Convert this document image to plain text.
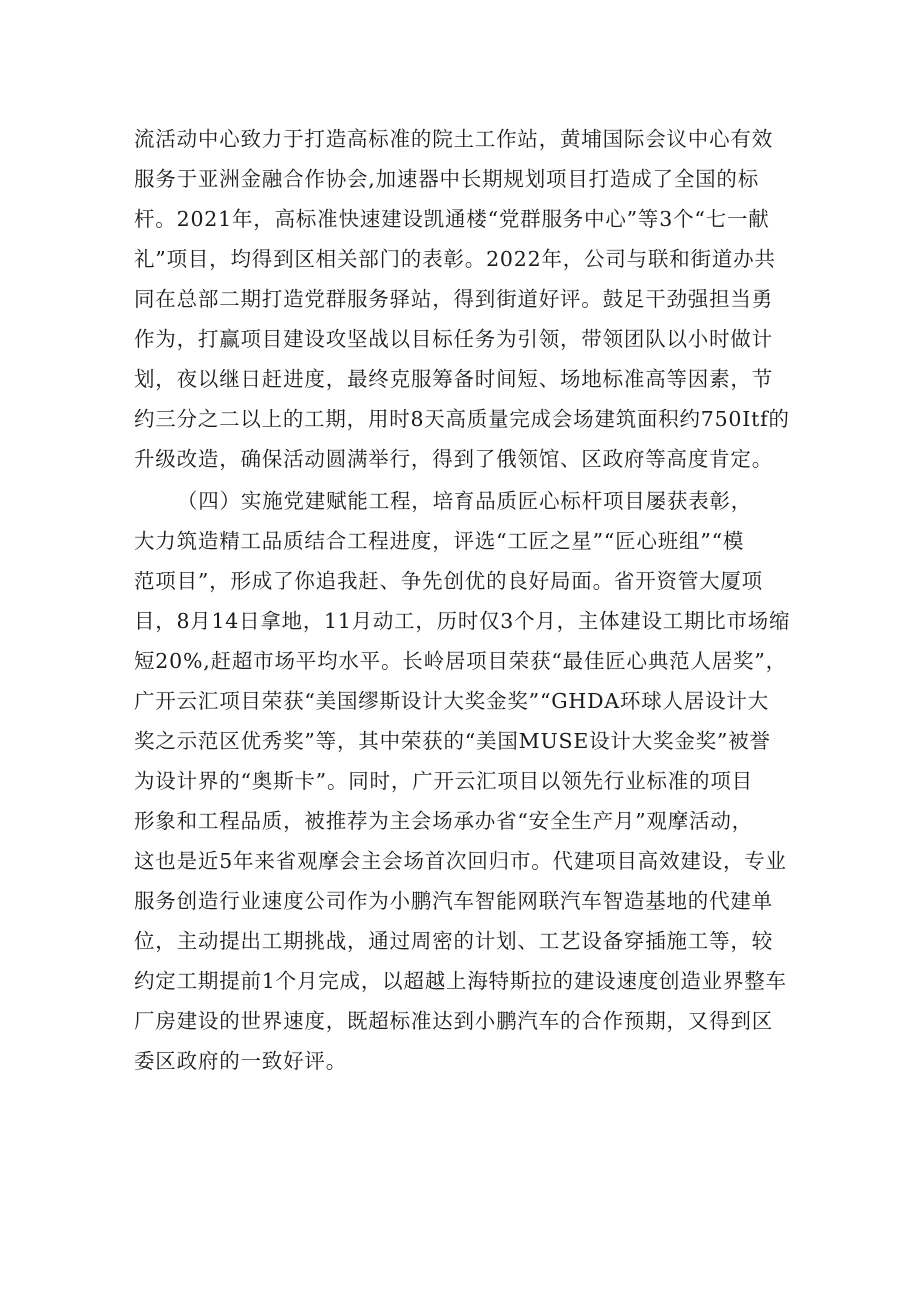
流活动中心致力于打造高标准的院土工作站，黄埔国际会议中心有效
服务于亚洲金融合作协会,加速器中长期规划项目打造成了全国的标
杆。2021年，高标准快速建设凯通楼“党群服务中心”等3个“七一献
礼”项目，均得到区相关部门的表彰。2022年，公司与联和街道办共
同在总部二期打造党群服务驿站，得到街道好评。鼓足干劲强担当勇
作为，打赢项目建设攻坚战以目标任务为引领，带领团队以小时做计
划，夜以继日赶进度，最终克服筹备时间短、场地标准高等因素，节
约三分之二以上的工期，用时8天高质量完成会场建筑面积约750Itf的
升级改造，确保活动圆满举行，得到了俄领馆、区政府等高度肯定。
（四）实施党建赋能工程，培育品质匠心标杆项目屡获表彰，
大力筑造精工品质结合工程进度，评选“工匠之星”“匠心班组”“模
范项目”，形成了你追我赶、争先创优的良好局面。省开资管大厦项
目，8月14日拿地，11月动工，历时仅3个月，主体建设工期比市场缩
短20%,赶超市场平均水平。长岭居项目荣获“最佳匠心典范人居奖”，
广开云汇项目荣获“美国缪斯设计大奖金奖”“GHDA环球人居设计大
奖之示范区优秀奖”等，其中荣获的“美国MUSE设计大奖金奖”被誉
为设计界的“奥斯卡”。同时，广开云汇项目以领先行业标准的项目
形象和工程品质，被推荐为主会场承办省“安全生产月”观摩活动，
这也是近5年来省观摩会主会场首次回归市。代建项目高效建设，专业
服务创造行业速度公司作为小鹏汽车智能网联汽车智造基地的代建单
位，主动提出工期挑战，通过周密的计划、工艺设备穿插施工等，较
约定工期提前1个月完成，以超越上海特斯拉的建设速度创造业界整车
厂房建设的世界速度，既超标准达到小鹏汽车的合作预期，又得到区
委区政府的一致好评。
